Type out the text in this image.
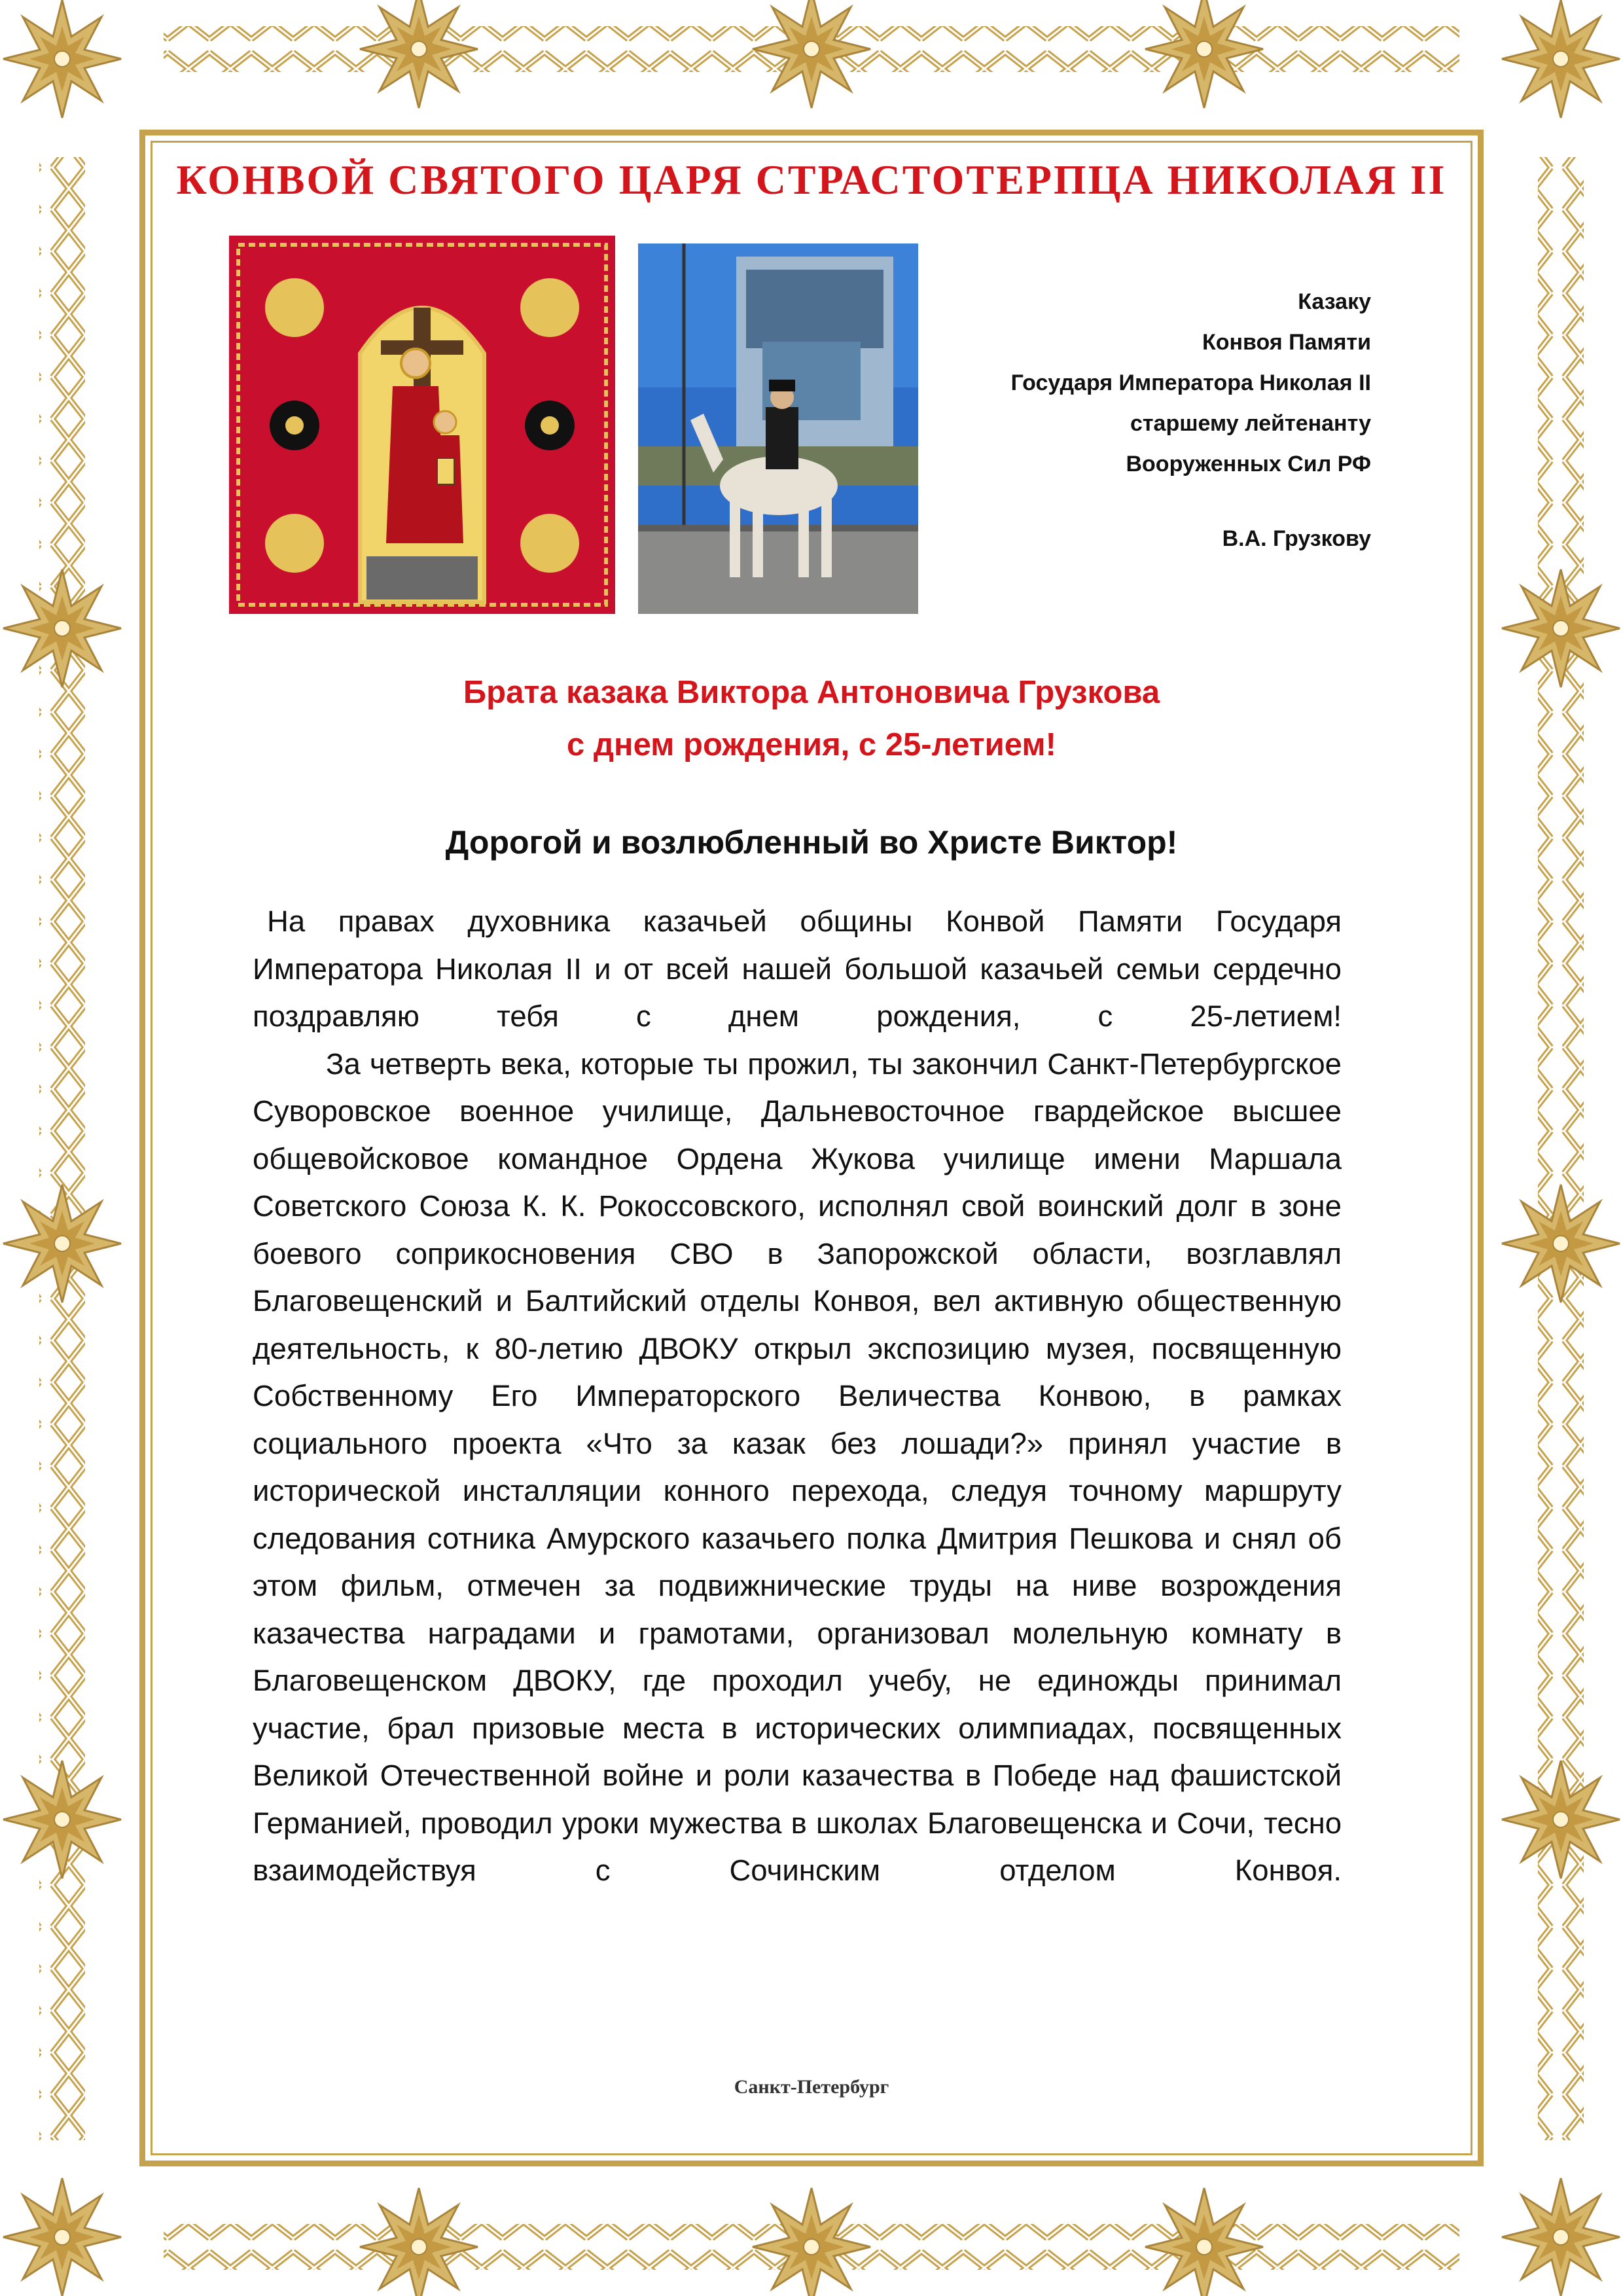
КОНВОЙ СВЯТОГО ЦАРЯ СТРАСТОТЕРПЦА НИКОЛАЯ II
Казаку
Конвоя Памяти
Государя Императора Николая II
старшему лейтенанту
Вооруженных Сил РФ
В.А. Грузкову
Брата казака Виктора Антоновича Грузкова
с днем рождения, с 25-летием!
Дорогой и возлюбленный во Христе Виктор!

На правах духовника казачьей общины Конвой Памяти Государя Императора Николая II и от всей нашей большой казачьей семьи сердечно поздравляю тебя с днем рождения, с 25-летием!

За четверть века, которые ты прожил, ты закончил Санкт-Петербургское Суворовское военное училище, Дальневосточное гвардейское высшее общевойсковое командное Ордена Жукова училище имени Маршала Советского Союза К. К. Рокоссовского, исполнял свой воинский долг в зоне боевого соприкосновения СВО в Запорожской области, возглавлял Благовещенский и Балтийский отделы Конвоя, вел активную общественную деятельность, к 80-летию ДВОКУ открыл экспозицию музея, посвященную Собственному Его Императорского Величества Конвою, в рамках социального проекта «Что за казак без лошади?» принял участие в исторической инсталляции конного перехода, следуя точному маршруту следования сотника Амурского казачьего полка Дмитрия Пешкова и снял об этом фильм, отмечен за подвижнические труды на ниве возрождения казачества наградами и грамотами, организовал молельную комнату в Благовещенском ДВОКУ, где проходил учебу, не единожды принимал участие, брал призовые места в исторических олимпиадах, посвященных Великой Отечественной войне и роли казачества в Победе над фашистской Германией, проводил уроки мужества в школах Благовещенска и Сочи, тесно взаимодействуя с Сочинским отделом Конвоя.

Санкт-Петербург
